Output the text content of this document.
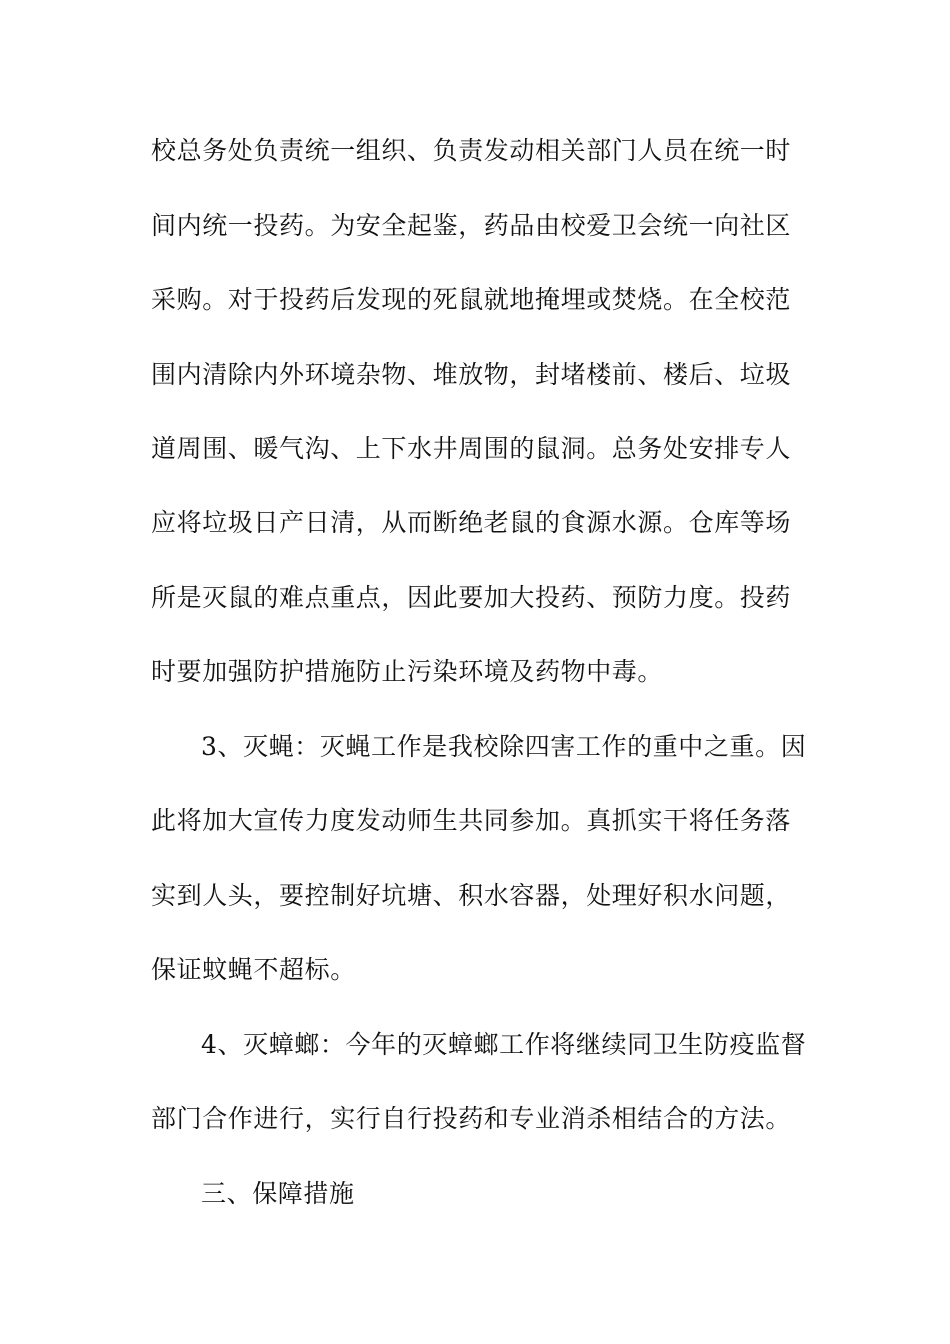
校总务处负责统一组织、负责发动相关部门人员在统一时
间内统一投药。为安全起鉴，药品由校爱卫会统一向社区
采购。对于投药后发现的死鼠就地掩埋或焚烧。在全校范
围内清除内外环境杂物、堆放物，封堵楼前、楼后、垃圾
道周围、暖气沟、上下水井周围的鼠洞。总务处安排专人
应将垃圾日产日清，从而断绝老鼠的食源水源。仓库等场
所是灭鼠的难点重点，因此要加大投药、预防力度。投药
时要加强防护措施防止污染环境及药物中毒。
3、灭蝇：灭蝇工作是我校除四害工作的重中之重。因
此将加大宣传力度发动师生共同参加。真抓实干将任务落
实到人头，要控制好坑塘、积水容器，处理好积水问题，
保证蚊蝇不超标。
4、灭蟑螂：今年的灭蟑螂工作将继续同卫生防疫监督
部门合作进行，实行自行投药和专业消杀相结合的方法。
三、保障措施
